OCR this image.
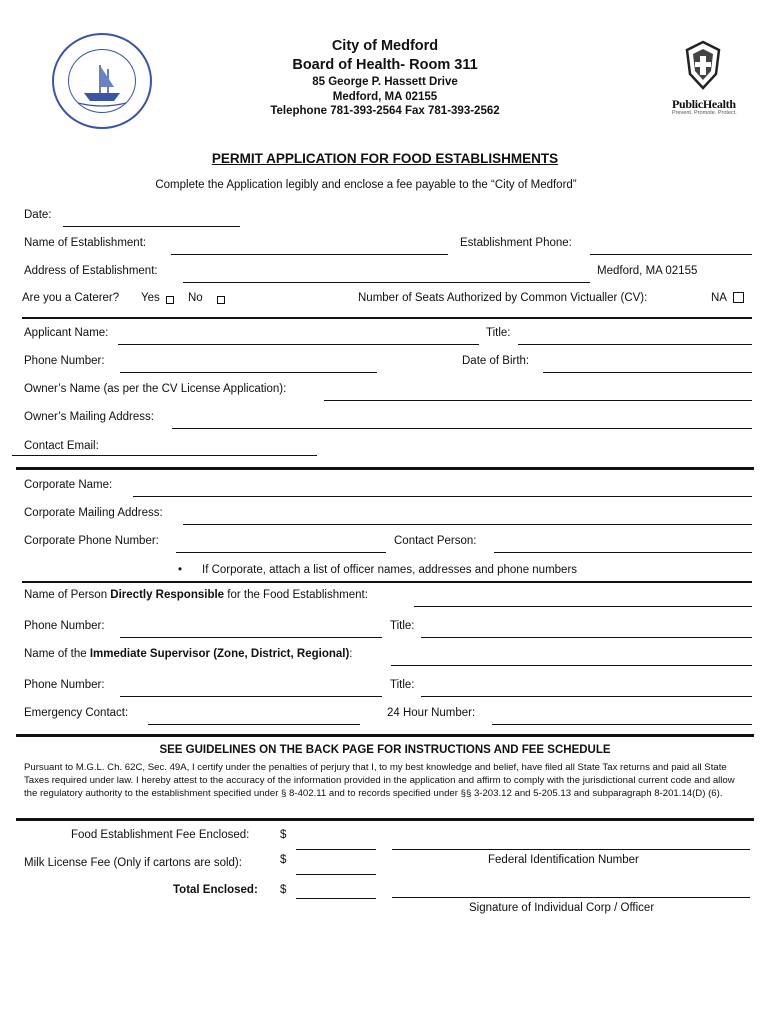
City of Medford
Board of Health- Room 311
85 George P. Hassett Drive
Medford, MA 02155
Telephone 781-393-2564 Fax 781-393-2562	PublicHealth
Prevent. Promote. Protect.
PERMIT APPLICATION FOR FOOD ESTABLISHMENTS
Complete the Application legibly and enclose a fee payable to the “City of Medford”
Date:
Name of Establishment:	Establishment Phone:
Address of Establishment:	Medford, MA 02155
Are you a Caterer? Yes No	Number of Seats Authorized by Common Victualler (CV):	NA
Applicant Name:	Title:
Phone Number:	Date of Birth:
Owner’s Name (as per the CV License Application):
Owner’s Mailing Address:
Contact Email:
Corporate Name:
Corporate Mailing Address:
Corporate Phone Number:	Contact Person:
• If Corporate, attach a list of officer names, addresses and phone numbers
Name of Person Directly Responsible for the Food Establishment:
Phone Number:	Title:
Name of the Immediate Supervisor (Zone, District, Regional):
Phone Number:	Title:
Emergency Contact:	24 Hour Number:
SEE GUIDELINES ON THE BACK PAGE FOR INSTRUCTIONS AND FEE SCHEDULE
Pursuant to M.G.L. Ch. 62C, Sec. 49A, I certify under the penalties of perjury that I, to my best knowledge and belief, have filed all State Tax returns and paid all State Taxes required under law. I hereby attest to the accuracy of the information provided in the application and affirm to comply with the jurisdictional current code and allow the regulatory authority to the establishment specified under § 8-402.11 and to records specified under §§ 3-203.12 and 5-205.13 and subparagraph 8-201.14(D) (6).
Food Establishment Fee Enclosed:	$
Milk License Fee (Only if cartons are sold):	$	Federal Identification Number
Total Enclosed: $
Signature of Individual Corp / Officer
